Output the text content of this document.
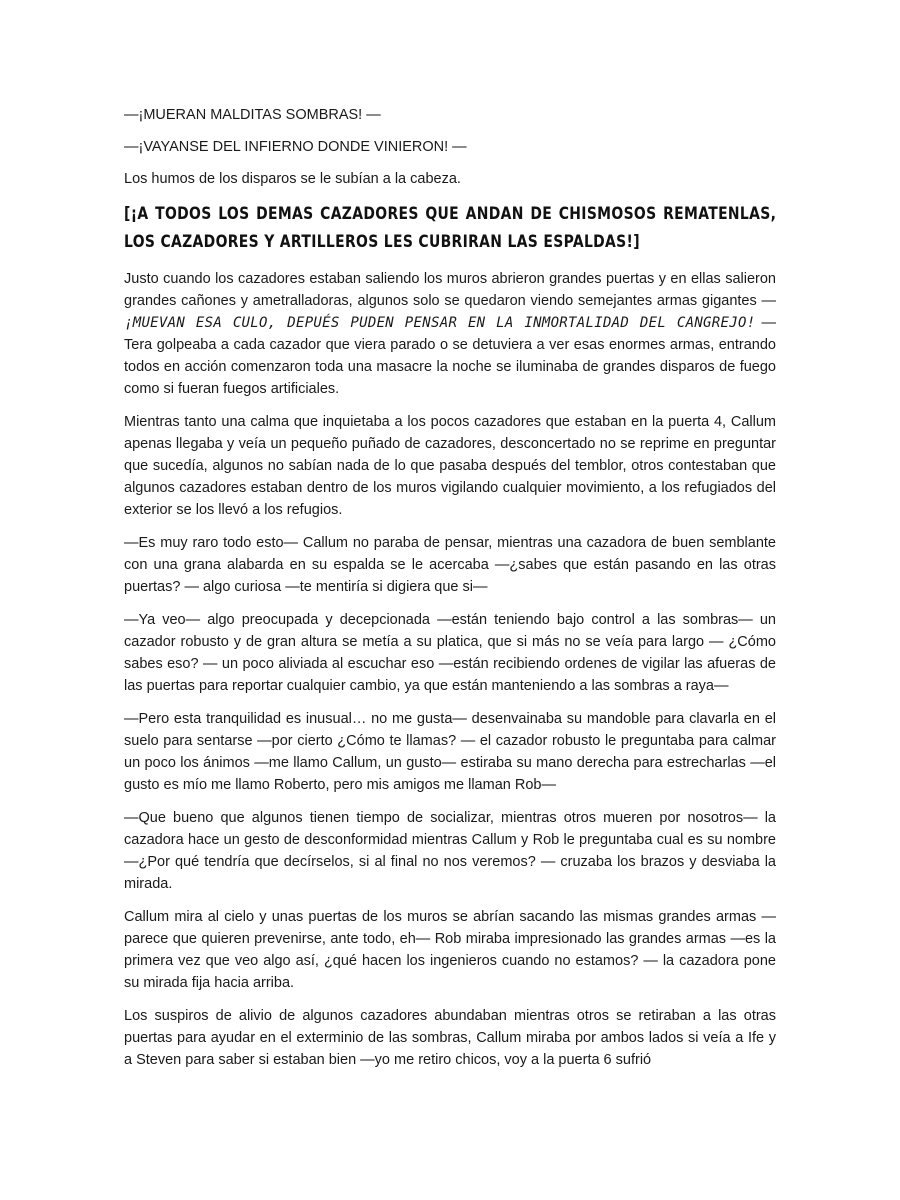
—¡MUERAN MALDITAS SOMBRAS! —

—¡VAYANSE DEL INFIERNO DONDE VINIERON! —

Los humos de los disparos se le subían a la cabeza.

[¡A TODOS LOS DEMAS CAZADORES QUE ANDAN DE CHISMOSOS REMATENLAS, LOS CAZADORES Y ARTILLEROS LES CUBRIRAN LAS ESPALDAS!]

Justo cuando los cazadores estaban saliendo los muros abrieron grandes puertas y en ellas salieron grandes cañones y ametralladoras, algunos solo se quedaron viendo semejantes armas gigantes —¡MUEVAN ESA CULO, DEPUÉS PUDEN PENSAR EN LA INMORTALIDAD DEL CANGREJO! — Tera golpeaba a cada cazador que viera parado o se detuviera a ver esas enormes armas, entrando todos en acción comenzaron toda una masacre la noche se iluminaba de grandes disparos de fuego como si fueran fuegos artificiales.

Mientras tanto una calma que inquietaba a los pocos cazadores que estaban en la puerta 4, Callum apenas llegaba y veía un pequeño puñado de cazadores, desconcertado no se reprime en preguntar que sucedía, algunos no sabían nada de lo que pasaba después del temblor, otros contestaban que algunos cazadores estaban dentro de los muros vigilando cualquier movimiento, a los refugiados del exterior se los llevó a los refugios.

—Es muy raro todo esto— Callum no paraba de pensar, mientras una cazadora de buen semblante con una grana alabarda en su espalda se le acercaba —¿sabes que están pasando en las otras puertas? — algo curiosa —te mentiría si digiera que si—

—Ya veo— algo preocupada y decepcionada —están teniendo bajo control a las sombras— un cazador robusto y de gran altura se metía a su platica, que si más no se veía para largo — ¿Cómo sabes eso? — un poco aliviada al escuchar eso —están recibiendo ordenes de vigilar las afueras de las puertas para reportar cualquier cambio, ya que están manteniendo a las sombras a raya—

—Pero esta tranquilidad es inusual… no me gusta— desenvainaba su mandoble para clavarla en el suelo para sentarse —por cierto ¿Cómo te llamas? — el cazador robusto le preguntaba para calmar un poco los ánimos —me llamo Callum, un gusto— estiraba su mano derecha para estrecharlas —el gusto es mío me llamo Roberto, pero mis amigos me llaman Rob—

—Que bueno que algunos tienen tiempo de socializar, mientras otros mueren por nosotros— la cazadora hace un gesto de desconformidad mientras Callum y Rob le preguntaba cual es su nombre —¿Por qué tendría que decírselos, si al final no nos veremos? — cruzaba los brazos y desviaba la mirada.

Callum mira al cielo y unas puertas de los muros se abrían sacando las mismas grandes armas —parece que quieren prevenirse, ante todo, eh— Rob miraba impresionado las grandes armas —es la primera vez que veo algo así, ¿qué hacen los ingenieros cuando no estamos? — la cazadora pone su mirada fija hacia arriba.

Los suspiros de alivio de algunos cazadores abundaban mientras otros se retiraban a las otras puertas para ayudar en el exterminio de las sombras, Callum miraba por ambos lados si veía a Ife y a Steven para saber si estaban bien —yo me retiro chicos, voy a la puerta 6 sufrió
